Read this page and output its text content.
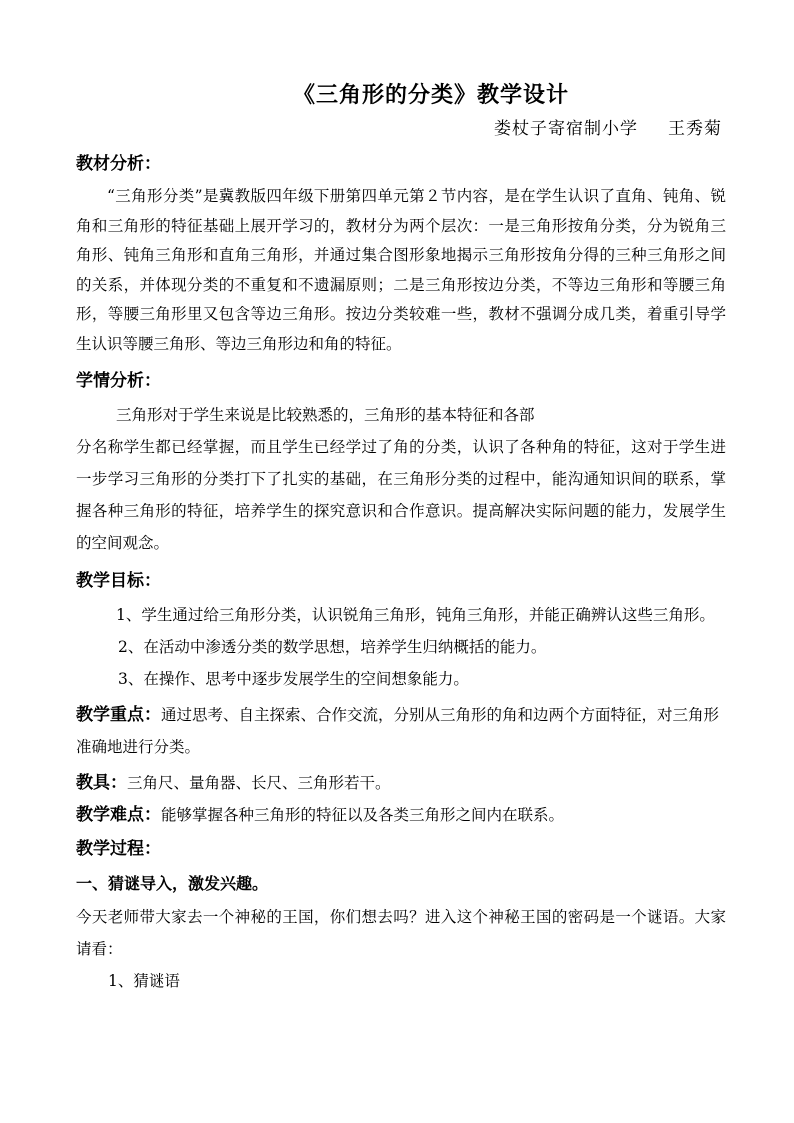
《三角形的分类》教学设计
娄杖子寄宿制小学 王秀菊
教材分析：

“三角形分类”是冀教版四年级下册第四单元第２节内容，是在学生认识了直角、钝角、锐角和三角形的特征基础上展开学习的，教材分为两个层次：一是三角形按角分类，分为锐角三角形、钝角三角形和直角三角形，并通过集合图形象地揭示三角形按角分得的三种三角形之间的关系，并体现分类的不重复和不遗漏原则；二是三角形按边分类，不等边三角形和等腰三角形，等腰三角形里又包含等边三角形。按边分类较难一些，教材不强调分成几类，着重引导学生认识等腰三角形、等边三角形边和角的特征。

学情分析：
三角形对于学生来说是比较熟悉的，三角形的基本特征和各部

分名称学生都已经掌握，而且学生已经学过了角的分类，认识了各种角的特征，这对于学生进一步学习三角形的分类打下了扎实的基础，在三角形分类的过程中，能沟通知识间的联系，掌握各种三角形的特征，培养学生的探究意识和合作意识。提高解决实际问题的能力，发展学生的空间观念。

教学目标：
1、学生通过给三角形分类，认识锐角三角形，钝角三角形，并能正确辨认这些三角形。
2、在活动中渗透分类的数学思想，培养学生归纳概括的能力。
3、在操作、思考中逐步发展学生的空间想象能力。

教学重点：通过思考、自主探索、合作交流，分别从三角形的角和边两个方面特征，对三角形准确地进行分类。

教具：三角尺、量角器、长尺、三角形若干。

教学难点：能够掌握各种三角形的特征以及各类三角形之间内在联系。

教学过程：
一、猜谜导入，激发兴趣。

今天老师带大家去一个神秘的王国，你们想去吗？进入这个神秘王国的密码是一个谜语。大家请看：

1、猜谜语
